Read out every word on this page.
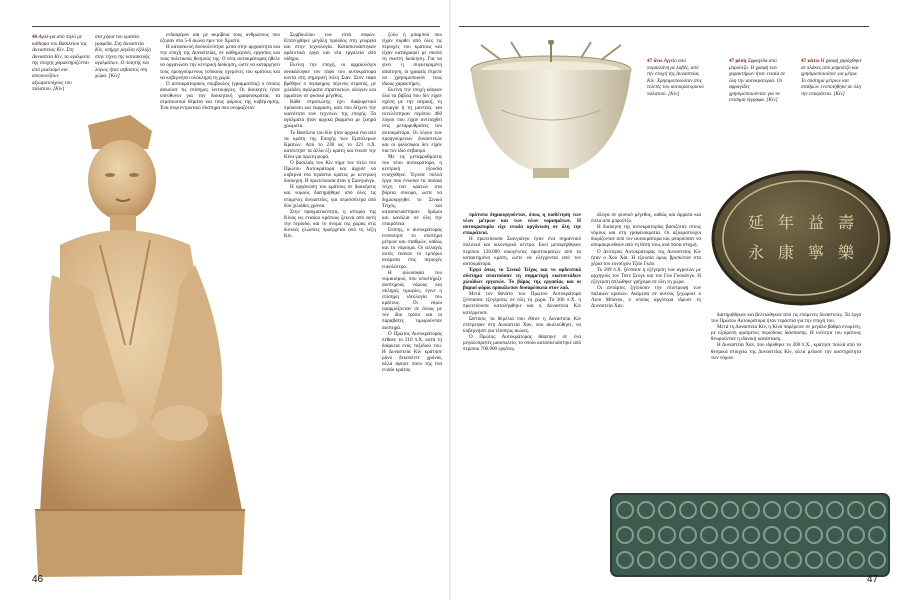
46 Αγαλ-μα από πηλό με κάθισμα του Βασιλείου της Δυναστείας Κίν. Στη Δυναστεία Κίν, τα αγάλματα της εποχής χαρακτηρίζονται από ρεαλισμό και απεικονίζουν αξιωματούχους του παλατιού. [Κίν]
στα χέρια του κρατάει γραφίδα. Στη Δυναστεία Κίν, υπήρχε μεγάλη εξέλιξη στην τέχνη της κατασκευής αγαλμάτων. Ο ποιητής και λόγιος ήταν σεβαστός στη χώρα. [Κίν]

ενδιαφέρον και με ακρίβεια τους ανθρώπους που έζησαν στα 5-6 αιώνα πριν τον Χριστό.

Η κατασκευή δυσκολεύτηκε μέσα στην αρχαιότητα και την εποχή της Δυναστείας, σε καθημερινές εργασίες και τους πολιτικούς θεσμούς της. Ο νέος αυτοκράτορας ήθελε να οργανώσει την κεντρική διοίκηση, ώστε να καταργήσει τους προηγούμενους τοπικούς ηγεμόνες του κράτους και να κυβερνήσει ολόκληρη τη χώρα.

Ο αυτοκρατορικός σύμβουλος (γραμματέας) ο οποίος ασκούσε τις επίσημες λειτουργίες. Οι διοικητές ήταν υπεύθυνοι για την διοικητική γραφειοκρατία, τα στρατιωτικά θέματα και τους φόρους της κυβέρνησης. Ένα συγκεντρωτικό σύστημα που ονομαζόταν

Συμβουλίου των επτά σοφών. Επιτεύχθηκε μεγάλη πρόοδος στη γεωργία και στην τεχνολογία. Κατασκευάστηκαν αρδευτικά έργα και νέα εργαλεία από σίδηρο.

Εκείνη την εποχή, οι αρχαιολόγοι ανακάλυψαν τον τάφο του αυτοκράτορα κοντά στη σημερινή πόλη Σιάν. Στον τάφο βρέθηκε ο περίφημος πήλινος στρατός, με χιλιάδες αγάλματα στρατιωτών, αλόγων και αρμάτων σε φυσικό μέγεθος.

Κάθε στρατιώτης έχει διαφορετικό πρόσωπο και έκφραση, κάτι που δείχνει την ικανότητα των τεχνιτών της εποχής. Τα αγάλματα ήταν αρχικά βαμμένα με ζωηρά χρώματα.

Το Βασίλειο του Κίν ήταν αρχικά ένα από τα κράτη της Εποχής των Εμπόλεμων Κρατών. Από το 230 ως το 221 π.Χ. κατέκτησε τα άλλα έξι κράτη και ένωσε την Κίνα για πρώτη φορά.

Ο βασιλιάς του Κίν πήρε τον τίτλο του Πρώτου Αυτοκράτορα και άρχισε να κυβερνά ένα τεράστιο κράτος με κεντρική διοίκηση. Η πρωτεύουσα ήταν η Σιανγιάνγκ.

Η οργάνωση του κράτους σε διοικήσεις και νομούς διατηρήθηκε από όλες τις επόμενες δυναστείες, για περισσότερα από δύο χιλιάδες χρόνια.

Στην πραγματικότητα, η ιστορία της Κίνας ως ενιαίου κράτους ξεκινά από αυτή την περίοδο, και το όνομα της χώρας στις δυτικές γλώσσες προέρχεται από τη λέξη Κίν.

ξύλο ή μπαμπού που είχαν συρθεί από όλες τις περιοχές του κράτους και είχαν καταγραφεί με σκοπό τη σωστή διοίκηση. Για να γίνει η συγκεκριμένη απαίτηση, οι γραφείς έπρεπε να χρησιμοποιούν τους ίδιους χαρακτήρες.

Εκείνη την εποχή κάηκαν όλα τα βιβλία που δεν είχαν σχέση με την ιατρική, τη γεωργία ή τη μαντεία, και εκτελέστηκαν περίπου 460 λόγιοι που είχαν αντιταχθεί στις μεταρρυθμίσεις του αυτοκράτορα. Οι λόγιοι των προηγούμενων δυναστειών και οι φιλόσοφοι δεν είχαν πια τον ίδιο σεβασμό.

Με τις μεταρρυθμίσεις του νέου αυτοκράτορα, η κεντρική εξουσία ενισχύθηκε. Έγιναν πολλά έργα που ένωσαν τα παλαιά τείχη των κρατών στα βόρεια σύνορα, ώστε να δημιουργηθεί το Σινικό Τείχος, και κατασκευάστηκαν δρόμοι και κανάλια σε όλη την επικράτεια.

Επίσης, ο αυτοκράτορας ενοποίησε το σύστημα μέτρων και σταθμών, καθώς και το νόμισμα. Οι αλλαγές αυτές έκαναν το εμπόριο ανάμεσα στις περιοχές ευκολότερο.

Η φιλοσοφία του νομικισμού, που υποστήριζε αυστηρούς νόμους και σκληρές τιμωρίες, έγινε η επίσημη ιδεολογία του κράτους. Οι νόμοι εφαρμόζονταν σε όλους με τον ίδιο τρόπο και οι παραβάτες τιμωρούνταν αυστηρά.

Ο Πρώτος Αυτοκράτορας πέθανε το 210 π.Χ. κατά τη διάρκεια ενός ταξιδιού του. Η Δυναστεία Κίν κράτησε μόνο δεκαπέντε χρόνια, αλλά άφησε πίσω της ένα ενιαίο κράτος.

46
47 άνω Αγγείο από πορσελάνη με λαβές, από την εποχή της Δυναστείας Κίν. Χρησιμοποιούταν στις τελετές του αυτοκρατορικού παλατιού. [Κίν]
47 μέση Σφραγίδα από μπρούτζο. Η γραφή των χαρακτήρων ήταν ενιαία σε όλη την αυτοκρατορία. Οι σφραγίδες χρησιμοποιούνταν για τα επίσημα έγγραφα. [Κίν]
47 κάτω Η γραφή χαράχθηκε σε πλάκες από μπρούτζο και χρησιμοποιούταν για μέτρα. Το σύστημα μέτρων και σταθμών ενοποιήθηκε σε όλη την επικράτεια. [Κίν]
延 年 益 壽
永 康 寧 樂

πρότυπα δημιουργούνταν, όπως η υιοθέτηση των νέων μέτρων και των νέων νομισμάτων. Η αυτοκρατορία είχε ενιαία οργάνωση σε όλη την επικράτεια.

Η πρωτεύουσα Σιανγιάνγκ ήταν ένα σημαντικό πολιτικό και οικονομικό κέντρο. Εκεί μεταφέρθηκαν περίπου 120.000 οικογένειες αριστοκρατών από τα κατακτημένα κράτη, ώστε να ελέγχονται από τον αυτοκράτορα.

Έργα όπως το Σινικό Τείχος και το αρδευτικό σύστημα απαιτούσαν τη συμμετοχή εκατοντάδων χιλιάδων εργατών. Το βάρος της εργασίας και οι βαριοί φόροι προκάλεσαν δυσαρέσκεια στον λαό.

Μετά τον θάνατο του Πρώτου Αυτοκράτορα ξέσπασαν εξεγέρσεις σε όλη τη χώρα. Το 206 π.Χ. η πρωτεύουσα καταλήφθηκε και η Δυναστεία Κίν κατέρρευσε.

Ωστόσο, τα θεμέλια που έθεσε η Δυναστεία Κίν επέτρεψαν στη Δυναστεία Χαν, που ακολούθησε, να κυβερνήσει για τέσσερις αιώνες.

Ο Πρώτος Αυτοκράτορας θάφτηκε σε ένα μεγαλοπρεπές μαυσωλείο, το οποίο κατασκευάστηκε από περίπου 700.000 εργάτες.

άλογα σε φυσικό μέγεθος, καθώς και άρματα και όπλα από μπρούτζο.

Η διοίκηση της αυτοκρατορίας βασιζόταν στους νόμους και στη γραφειοκρατία. Οι αξιωματούχοι διορίζονταν από τον αυτοκράτορα και μπορούσαν να απομακρυνθούν από τη θέση τους ανά πάσα στιγμή.

Ο Δεύτερος Αυτοκράτορας της Δυναστείας Κίν ήταν ο Χου Χάι. Η εξουσία όμως βρισκόταν στα χέρια του ευνούχου Τζάο Γκάο.

Το 209 π.Χ. ξέσπασε η εξέγερση των αγροτών με αρχηγούς τον Τσεν Σενγκ και τον Γου Γκουάνγκ. Η εξέγερση απλώθηκε γρήγορα σε όλη τη χώρα.

Οι αντάρτες ζητούσαν την επιστροφή των παλαιών κρατών. Ανάμεσα σε αυτούς ξεχώρισε ο Λιου Μπανγκ, ο οποίος αργότερα ίδρυσε τη Δυναστεία Χαν.

διατηρήθηκαν και βελτιώθηκαν από τις επόμενες δυναστείες. Τα έργα του Πρώτου Αυτοκράτορα ήταν τεράστια για την εποχή του.

Μετά τη Δυναστεία Κίν, η Κίνα παρέμεινε σε μεγάλο βαθμό ενωμένη, με εξαίρεση ορισμένες περιόδους διάσπασης. Η ενότητα του κράτους θεωρούνταν η ιδανική κατάσταση.

Η Δυναστεία Χαν, που ιδρύθηκε το 206 π.Χ., κράτησε πολλά από τα θεσμικά στοιχεία της Δυναστείας Κίν, αλλά μείωσε την αυστηρότητα των νόμων.

47
